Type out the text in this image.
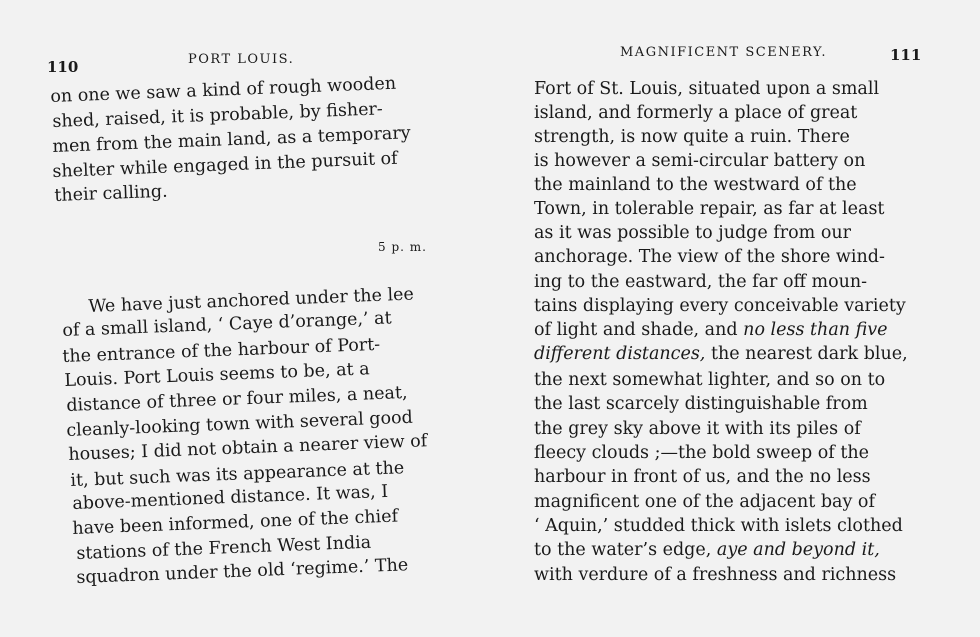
110	PORT LOUIS.
on one we saw a kind of rough wooden
shed, raised, it is probable, by fisher-
men from the main land, as a temporary
shelter while engaged in the pursuit of
their calling.
5 p. m.
We have just anchored under the lee
of a small island, ‘ Caye d’orange,’ at
the entrance of the harbour of Port-
Louis. Port Louis seems to be, at a
distance of three or four miles, a neat,
cleanly-looking town with several good
houses; I did not obtain a nearer view of
it, but such was its appearance at the
above-mentioned distance. It was, I
have been informed, one of the chief
stations of the French West India
squadron under the old ‘regime.’ The
MAGNIFICENT SCENERY.	111
Fort of St. Louis, situated upon a small
island, and formerly a place of great
strength, is now quite a ruin. There
is however a semi-circular battery on
the mainland to the westward of the
Town, in tolerable repair, as far at least
as it was possible to judge from our
anchorage. The view of the shore wind-
ing to the eastward, the far off moun-
tains displaying every conceivable variety
of light and shade, and no less than five
different distances, the nearest dark blue,
the next somewhat lighter, and so on to
the last scarcely distinguishable from
the grey sky above it with its piles of
fleecy clouds ;—the bold sweep of the
harbour in front of us, and the no less
magnificent one of the adjacent bay of
‘ Aquin,’ studded thick with islets clothed
to the water’s edge, aye and beyond it,
with verdure of a freshness and richness
